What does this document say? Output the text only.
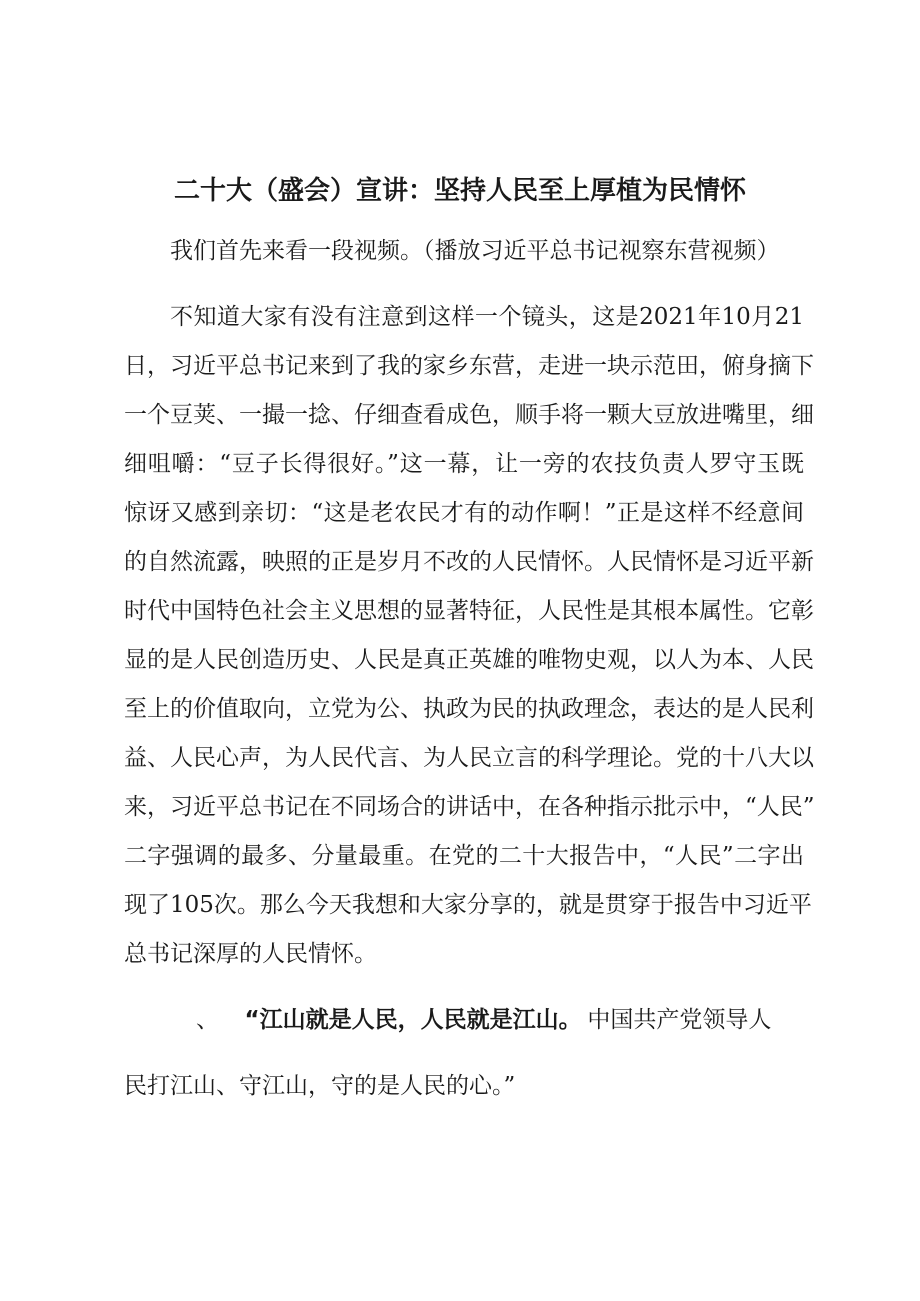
二十大（盛会）宣讲：坚持人民至上厚植为民情怀
我们首先来看一段视频。（播放习近平总书记视察东营视频）
不知道大家有没有注意到这样一个镜头，这是2021年10月21
日，习近平总书记来到了我的家乡东营，走进一块示范田，俯身摘下
一个豆荚、一撮一捻、仔细查看成色，顺手将一颗大豆放进嘴里，细
细咀嚼：“豆子长得很好。”这一幕，让一旁的农技负责人罗守玉既
惊讶又感到亲切：“这是老农民才有的动作啊！”正是这样不经意间
的自然流露，映照的正是岁月不改的人民情怀。人民情怀是习近平新
时代中国特色社会主义思想的显著特征，人民性是其根本属性。它彰
显的是人民创造历史、人民是真正英雄的唯物史观，以人为本、人民
至上的价值取向，立党为公、执政为民的执政理念，表达的是人民利
益、人民心声，为人民代言、为人民立言的科学理论。党的十八大以
来，习近平总书记在不同场合的讲话中，在各种指示批示中，“人民”
二字强调的最多、分量最重。在党的二十大报告中，“人民”二字出
现了105次。那么今天我想和大家分享的，就是贯穿于报告中习近平
总书记深厚的人民情怀。
、 “江山就是人民，人民就是江山。 中国共产党领导人
民打江山、守江山，守的是人民的心。”
